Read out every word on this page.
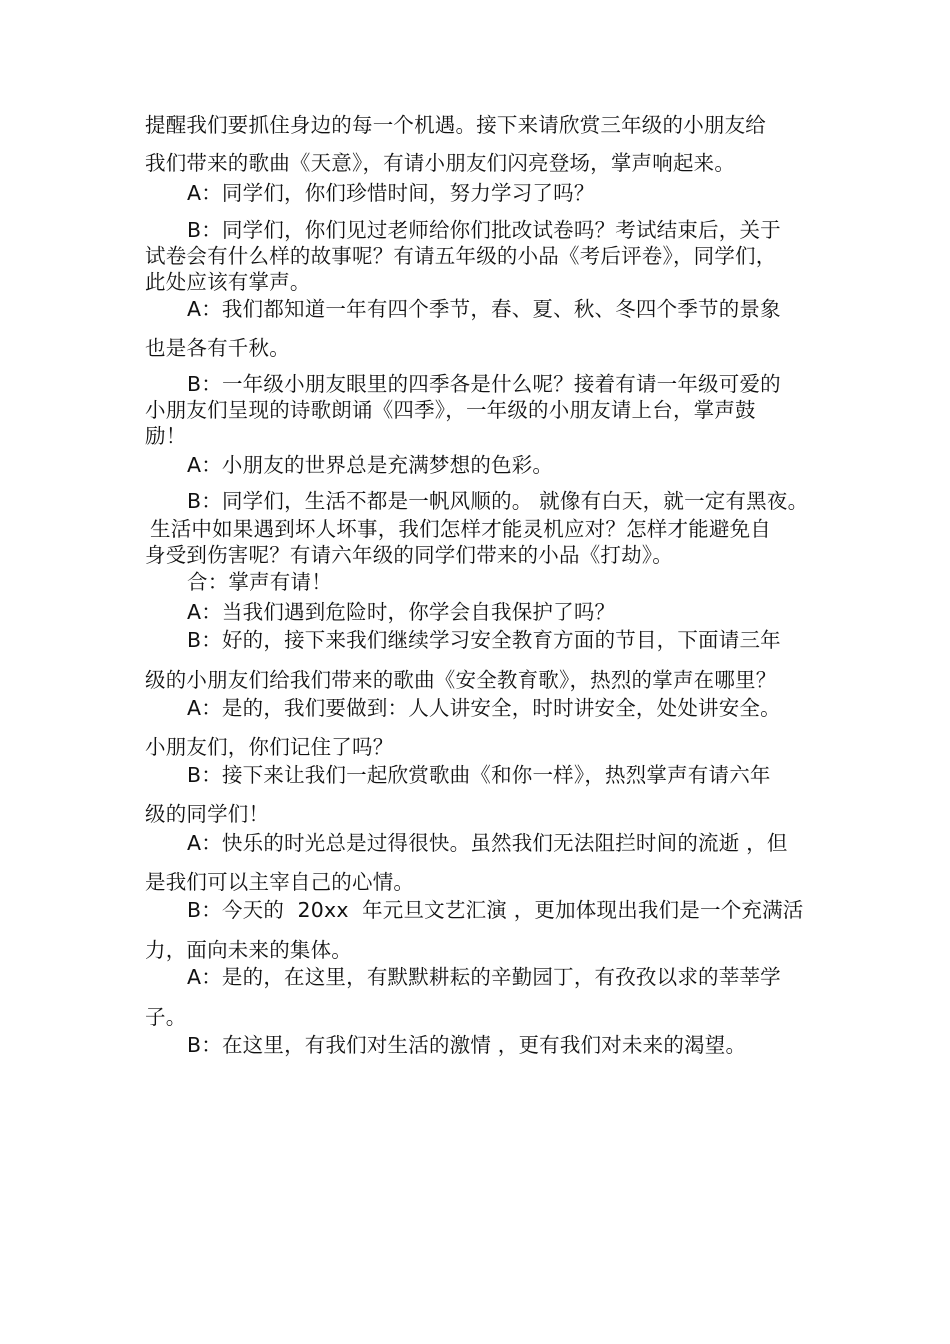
提醒我们要抓住身边的每一个机遇。接下来请欣赏三年级的小朋友给
我们带来的歌曲《天意》，有请小朋友们闪亮登场，掌声响起来。
A：同学们，你们珍惜时间，努力学习了吗？
B：同学们，你们见过老师给你们批改试卷吗？考试结束后，关于
试卷会有什么样的故事呢？有请五年级的小品《考后评卷》，同学们，
此处应该有掌声。
A：我们都知道一年有四个季节，春、夏、秋、冬四个季节的景象
也是各有千秋。
B：一年级小朋友眼里的四季各是什么呢？接着有请一年级可爱的
小朋友们呈现的诗歌朗诵《四季》，一年级的小朋友请上台，掌声鼓
励！
A：小朋友的世界总是充满梦想的色彩。
B：同学们，生活不都是一帆风顺的。 就像有白天，就一定有黑夜。
生活中如果遇到坏人坏事，我们怎样才能灵机应对？怎样才能避免自
身受到伤害呢？有请六年级的同学们带来的小品《打劫》。
合：掌声有请！
A：当我们遇到危险时，你学会自我保护了吗？
B：好的，接下来我们继续学习安全教育方面的节目，下面请三年
级的小朋友们给我们带来的歌曲《安全教育歌》，热烈的掌声在哪里？
A：是的，我们要做到：人人讲安全，时时讲安全，处处讲安全。
小朋友们，你们记住了吗？
B：接下来让我们一起欣赏歌曲《和你一样》，热烈掌声有请六年
级的同学们！
A：快乐的时光总是过得很快。虽然我们无法阻拦时间的流逝 ，但
是我们可以主宰自己的心情。
B：今天的  20xx  年元旦文艺汇演 ，更加体现出我们是一个充满活
力，面向未来的集体。
A：是的，在这里，有默默耕耘的辛勤园丁，有孜孜以求的莘莘学
子。
B：在这里，有我们对生活的激情 ，更有我们对未来的渴望。
